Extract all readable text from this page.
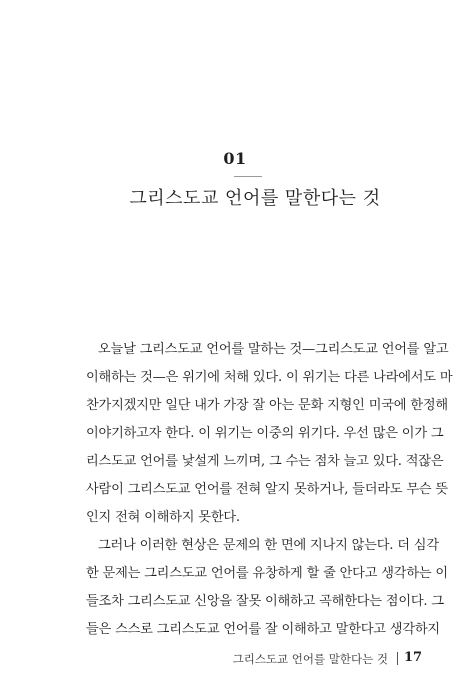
01
그리스도교 언어를 말한다는 것
오늘날 그리스도교 언어를 말하는 것—그리스도교 언어를 알고
이해하는 것—은 위기에 처해 있다. 이 위기는 다른 나라에서도 마
찬가지겠지만 일단 내가 가장 잘 아는 문화 지형인 미국에 한정해
이야기하고자 한다. 이 위기는 이중의 위기다. 우선 많은 이가 그
리스도교 언어를 낯설게 느끼며, 그 수는 점차 늘고 있다. 적잖은
사람이 그리스도교 언어를 전혀 알지 못하거나, 들더라도 무슨 뜻
인지 전혀 이해하지 못한다.
그러나 이러한 현상은 문제의 한 면에 지나지 않는다. 더 심각
한 문제는 그리스도교 언어를 유창하게 할 줄 안다고 생각하는 이
들조차 그리스도교 신앙을 잘못 이해하고 곡해한다는 점이다. 그
들은 스스로 그리스도교 언어를 잘 이해하고 말한다고 생각하지
그리스도교 언어를 말한다는 것 17
